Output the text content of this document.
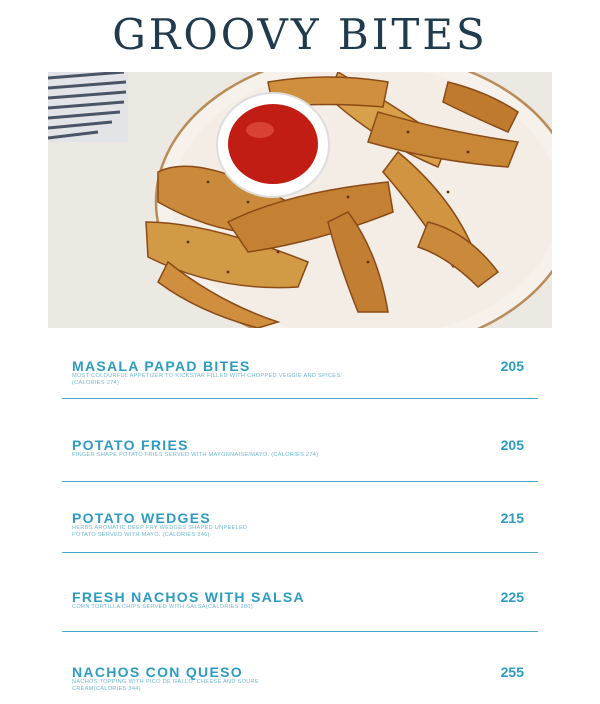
GROOVY BITES
MASALA PAPAD BITES
MOST COLOURFUL APPETIZER TO KICKSTAR FILLED WITH CHOPPED VEGGIE AND SPICES. (CALORIES 274)
205
POTATO FRIES
FINGER SHAPE POTATO FRIES SERVED WITH MAYONNAISE/MAYO. (CALORIES 274)
205
POTATO WEDGES
HERBS AROMATIC DEEP FRY WEDGES SHAPED UNPEELED POTATO SERVED WITH MAYO. (CALORIES 346)
215
FRESH NACHOS WITH SALSA
CORN TORTILLA CHIPS SERVED WITH SALSA(CALORIES 380)
225
NACHOS CON QUESO
NACHOS TOPPING WITH PICO DE GALLO, CHEESE AND SOURE CREAM(CALORIES 344)
255
